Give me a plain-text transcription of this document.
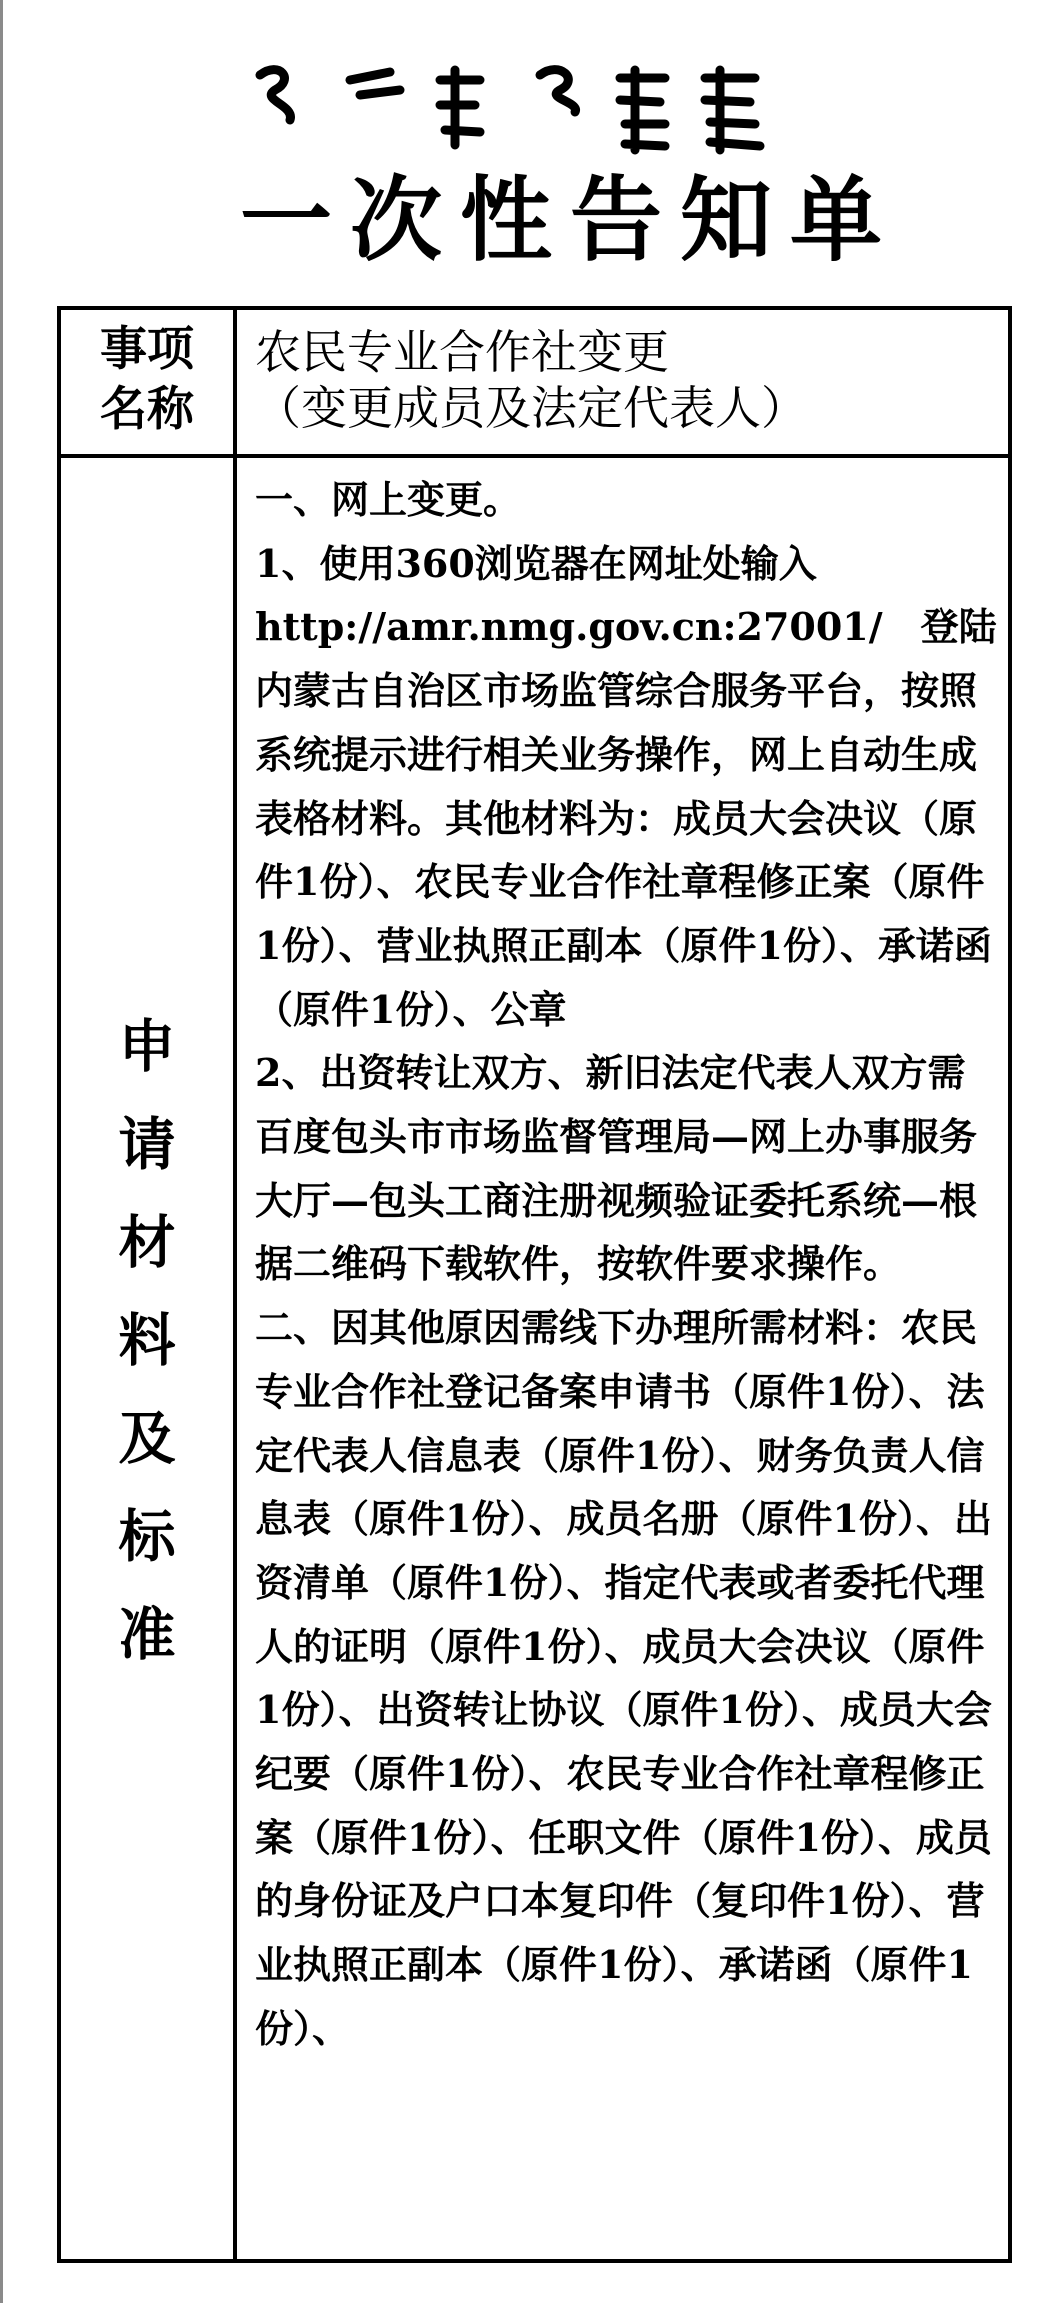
一次性告知单
事项名称	农民专业合作社变更
（变更成员及法定代表人）

申请材料及标准	一、网上变更。
1、使用360浏览器在网址处输入
http://amr.nmg.gov.cn:27001/　登陆内蒙古自治区市场监管综合服务平台，按照系统提示进行相关业务操作，网上自动生成表格材料。其他材料为：成员大会决议（原件1份）、农民专业合作社章程修正案（原件1份）、营业执照正副本（原件1份）、承诺函（原件1份）、公章
2、出资转让双方、新旧法定代表人双方需百度包头市市场监督管理局—网上办事服务大厅—包头工商注册视频验证委托系统—根据二维码下载软件，按软件要求操作。
二、因其他原因需线下办理所需材料：农民专业合作社登记备案申请书（原件1份）、法定代表人信息表（原件1份）、财务负责人信息表（原件1份）、成员名册（原件1份）、出资清单（原件1份）、指定代表或者委托代理人的证明（原件1份）、成员大会决议（原件1份）、出资转让协议（原件1份）、成员大会纪要（原件1份）、农民专业合作社章程修正案（原件1份）、任职文件（原件1份）、成员的身份证及户口本复印件（复印件1份）、营业执照正副本（原件1份）、承诺函（原件1份）、
